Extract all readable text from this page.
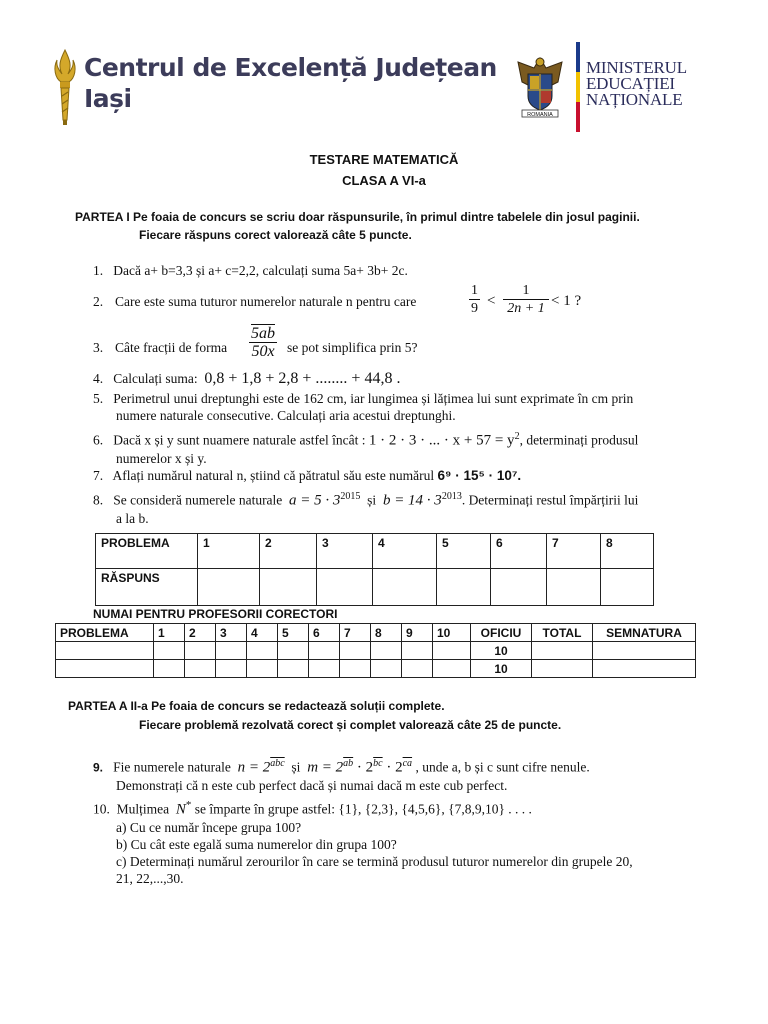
Centrul de Excelență Județean
Iași
ROMANIA
MINISTERUL
EDUCAȚIEI
NAȚIONALE
TESTARE MATEMATICĂ
CLASA A VI-a
PARTEA I Pe foaia de concurs se scriu doar răspunsurile, în primul dintre tabelele din josul paginii.
Fiecare răspuns corect valorează câte 5 puncte.
1. Dacă a+ b=3,3 și a+ c=2,2, calculați suma 5a+ 3b+ 2c.
2. Care este suma tuturor numerelor naturale n pentru care	$\frac{1}{9} < \frac{1}{2n + 1} < 1$ ?
3. Câte fracții de forma $\frac{5ab}{50x}$ se pot simplifica prin 5?
4. Calculați suma: 0,8 + 1,8 + 2,8 + ........ + 44,8 .
5. Perimetrul unui dreptunghi este de 162 cm, iar lungimea și lățimea lui sunt exprimate în cm prin
numere naturale consecutive. Calculați aria acestui dreptunghi.
6. Dacă x și y sunt nuamere naturale astfel încât : 1 · 2 · 3 · ... · $x + 57 = y^2$, determinați produsul
numerelor x și y.
7. Aflați numărul natural n, știind că pătratul său este numărul 6⁹ · 15⁵ · 10⁷.
8. Se consideră numerele naturale $a = 5 \cdot 3^{2015}$ și $b = 14 \cdot 3^{2013}$. Determinați restul împărțirii lui
a la b.
PROBLEMA	1	2	3	4	5	6	7	8
RĂSPUNS								
NUMAI PENTRU PROFESORII CORECTORI
PROBLEMA	1	2	3	4	5	6	7	8	9	10	OFICIU	TOTAL	SEMNATURA
											10		
											10		
PARTEA A II-a Pe foaia de concurs se redactează soluții complete.
Fiecare problemă rezolvată corect și complet valorează câte 25 de puncte.
9. Fie numerele naturale $n = 2^{\overline{abc}}$ și $m = 2^{\overline{ab}} \cdot 2^{\overline{bc}} \cdot 2^{\overline{ca}}$ , unde a, b și c sunt cifre nenule.
Demonstrați că n este cub perfect dacă și numai dacă m este cub perfect.
10. Mulțimea N* se împarte în grupe astfel: {1}, {2,3}, {4,5,6}, {7,8,9,10} . . . .
a) Cu ce număr începe grupa 100?
b) Cu cât este egală suma numerelor din grupa 100?
c) Determinați numărul zerourilor în care se termină produsul tuturor numerelor din grupele 20,
21, 22,...,30.
